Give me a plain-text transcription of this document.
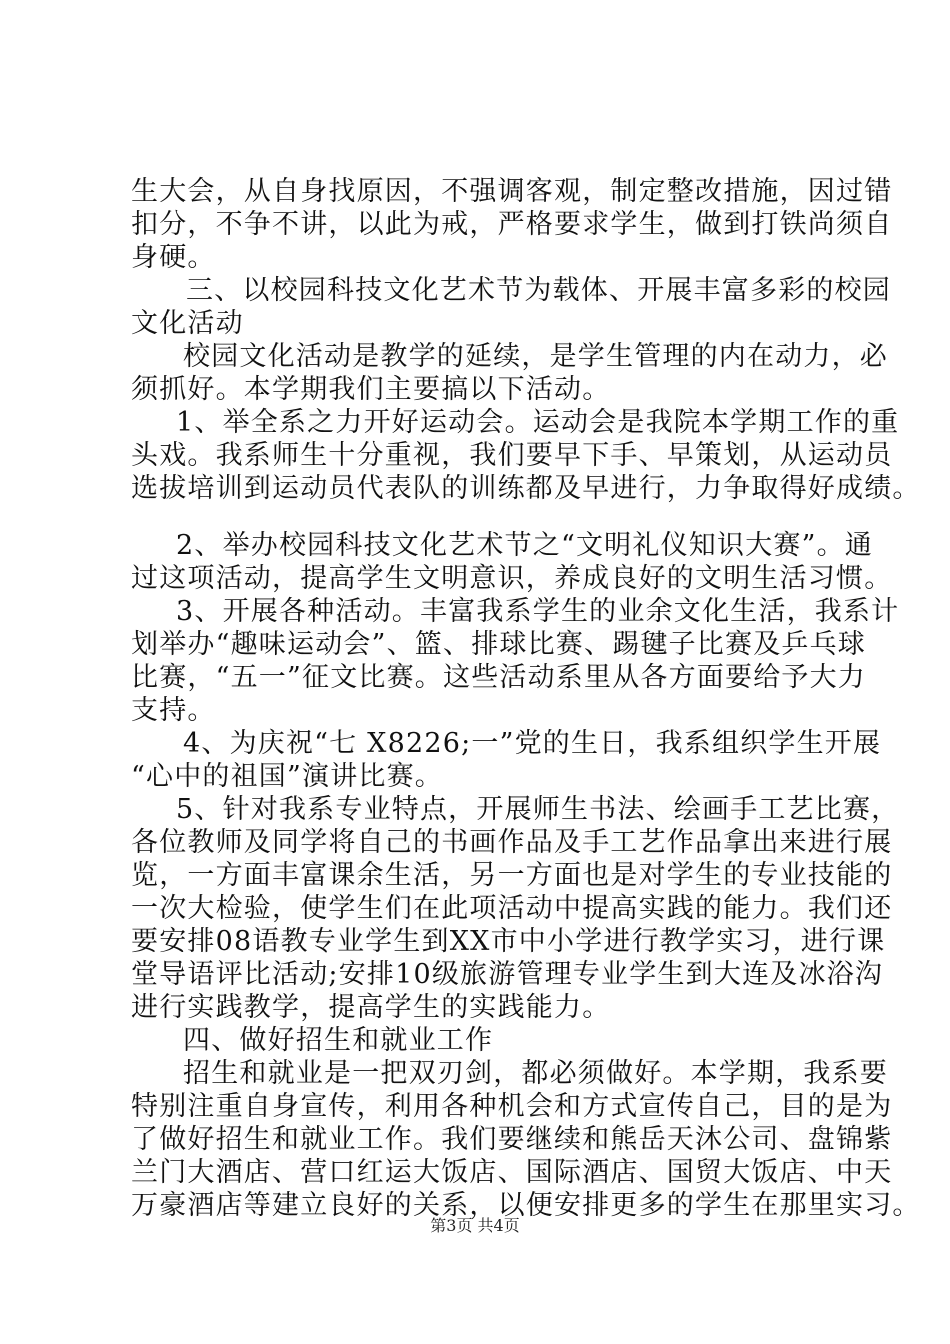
生大会，从自身找原因，不强调客观，制定整改措施，因过错
扣分，不争不讲，以此为戒，严格要求学生，做到打铁尚须自
身硬。
三、以校园科技文化艺术节为载体、开展丰富多彩的校园
文化活动
校园文化活动是教学的延续，是学生管理的内在动力，必
须抓好。本学期我们主要搞以下活动。
1、举全系之力开好运动会。运动会是我院本学期工作的重
头戏。我系师生十分重视，我们要早下手、早策划，从运动员
选拔培训到运动员代表队的训练都及早进行，力争取得好成绩。
2、举办校园科技文化艺术节之“文明礼仪知识大赛”。通
过这项活动，提高学生文明意识，养成良好的文明生活习惯。
3、开展各种活动。丰富我系学生的业余文化生活，我系计
划举办“趣味运动会”、篮、排球比赛、踢毽子比赛及乒乓球
比赛，“五一”征文比赛。这些活动系里从各方面要给予大力
支持。
4、为庆祝“七 X8226;一”党的生日，我系组织学生开展
“心中的祖国”演讲比赛。
5、针对我系专业特点，开展师生书法、绘画手工艺比赛，
各位教师及同学将自己的书画作品及手工艺作品拿出来进行展
览，一方面丰富课余生活，另一方面也是对学生的专业技能的
一次大检验，使学生们在此项活动中提高实践的能力。我们还
要安排08语教专业学生到XX市中小学进行教学实习，进行课
堂导语评比活动;安排10级旅游管理专业学生到大连及冰浴沟
进行实践教学，提高学生的实践能力。
四、做好招生和就业工作
招生和就业是一把双刃剑，都必须做好。本学期，我系要
特别注重自身宣传，利用各种机会和方式宣传自己，目的是为
了做好招生和就业工作。我们要继续和熊岳天沐公司、盘锦紫
兰门大酒店、营口红运大饭店、国际酒店、国贸大饭店、中天
万豪酒店等建立良好的关系，以便安排更多的学生在那里实习。
第3页 共4页
